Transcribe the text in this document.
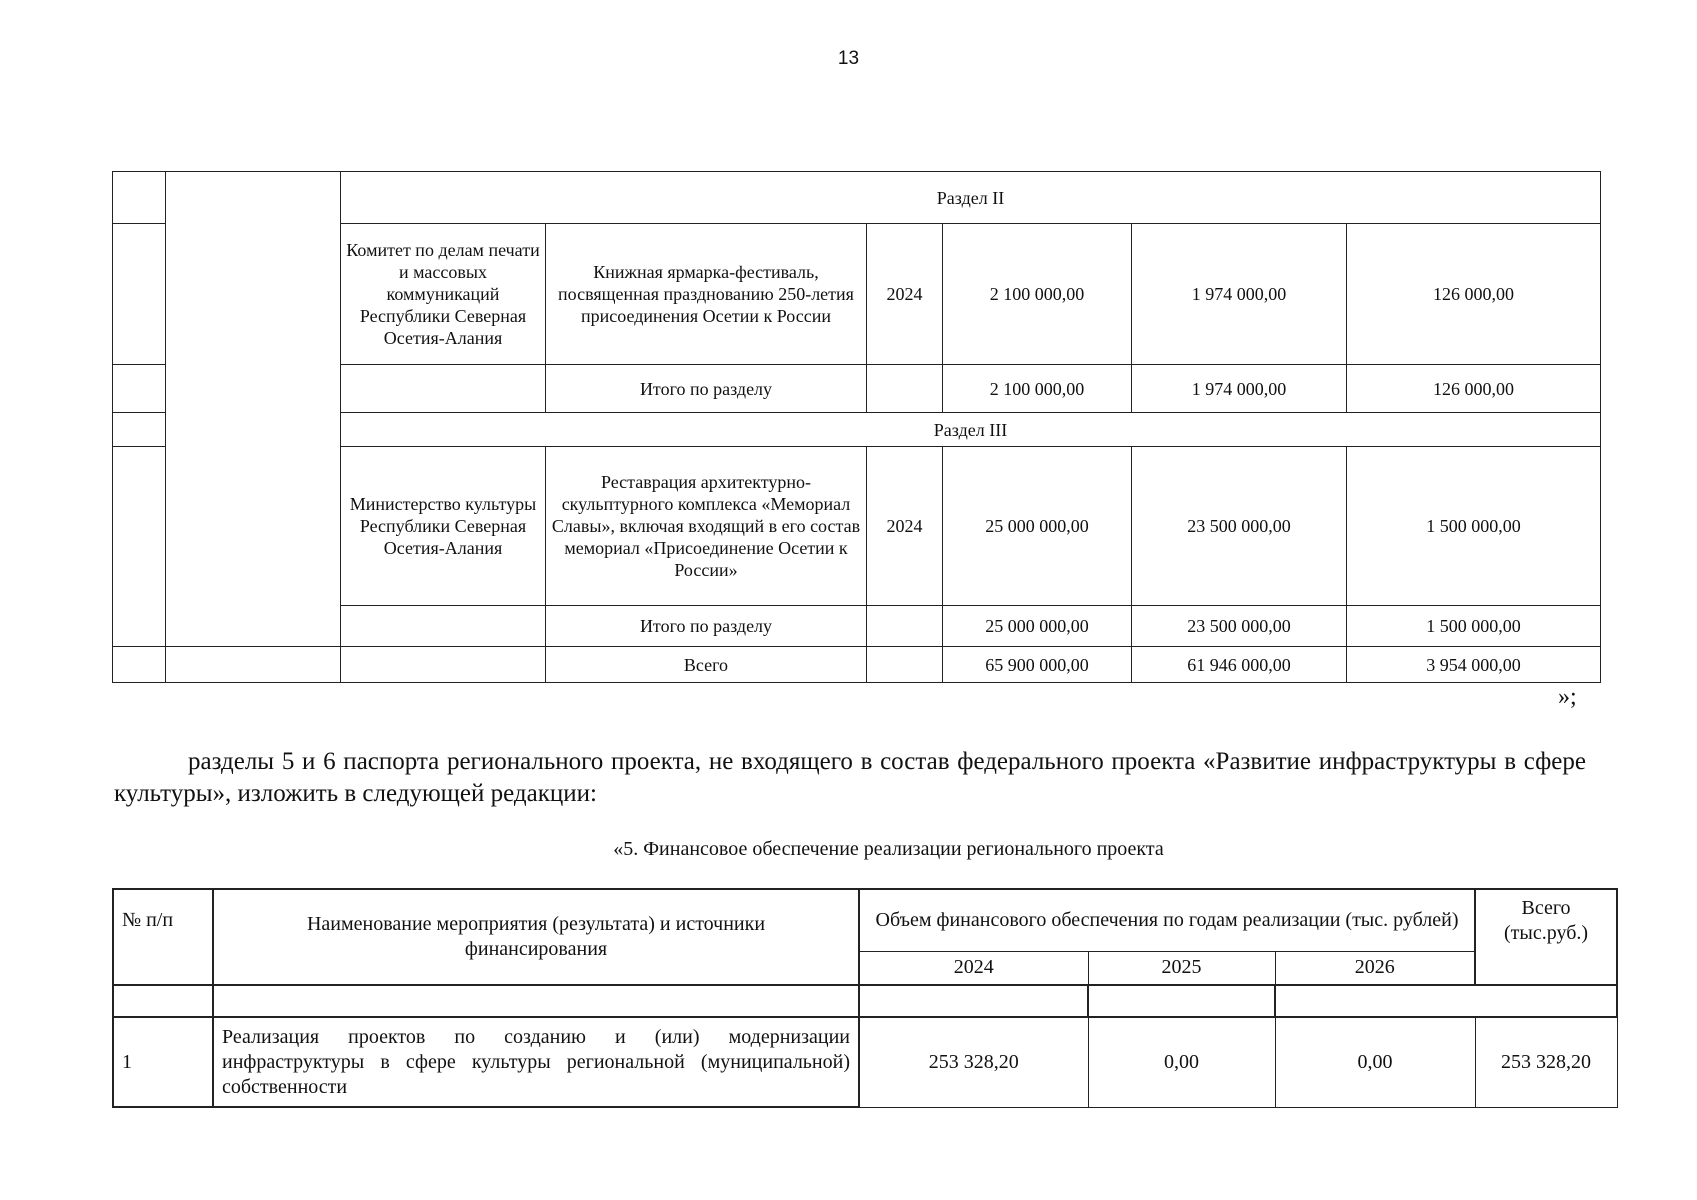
13
		Раздел II					
		Комитет по делам печати и массовых коммуникаций Республики Северная Осетия-Алания	Книжная ярмарка-фестиваль, посвященная празднованию 250-летия присоединения Осетии к России	2024	2 100 000,00	1 974 000,00	126 000,00
			Итого по разделу		2 100 000,00	1 974 000,00	126 000,00
		Раздел III					
		Министерство культуры Республики Северная Осетия-Алания	Реставрация архитектурно-скульптурного комплекса «Мемориал Славы», включая входящий в его состав мемориал «Присоединение Осетии к России»	2024	25 000 000,00	23 500 000,00	1 500 000,00
			Итого по разделу		25 000 000,00	23 500 000,00	1 500 000,00
			Всего		65 900 000,00	61 946 000,00	3 954 000,00
»;

разделы 5 и 6 паспорта регионального проекта, не входящего в состав федерального проекта «Развитие инфраструктуры в сфере культуры», изложить в следующей редакции:

«5. Финансовое обеспечение реализации регионального проекта
№ п/п	Наименование мероприятия (результата) и источники финансирования	Объем финансового обеспечения по годам реализации (тыс. рублей)			Всего (тыс.руб.)
		2024	2025	2026	

1	Реализация проектов по созданию и (или) модернизации инфраструктуры в сфере культуры региональной (муниципальной) собственности	253 328,20	0,00	0,00	253 328,20
